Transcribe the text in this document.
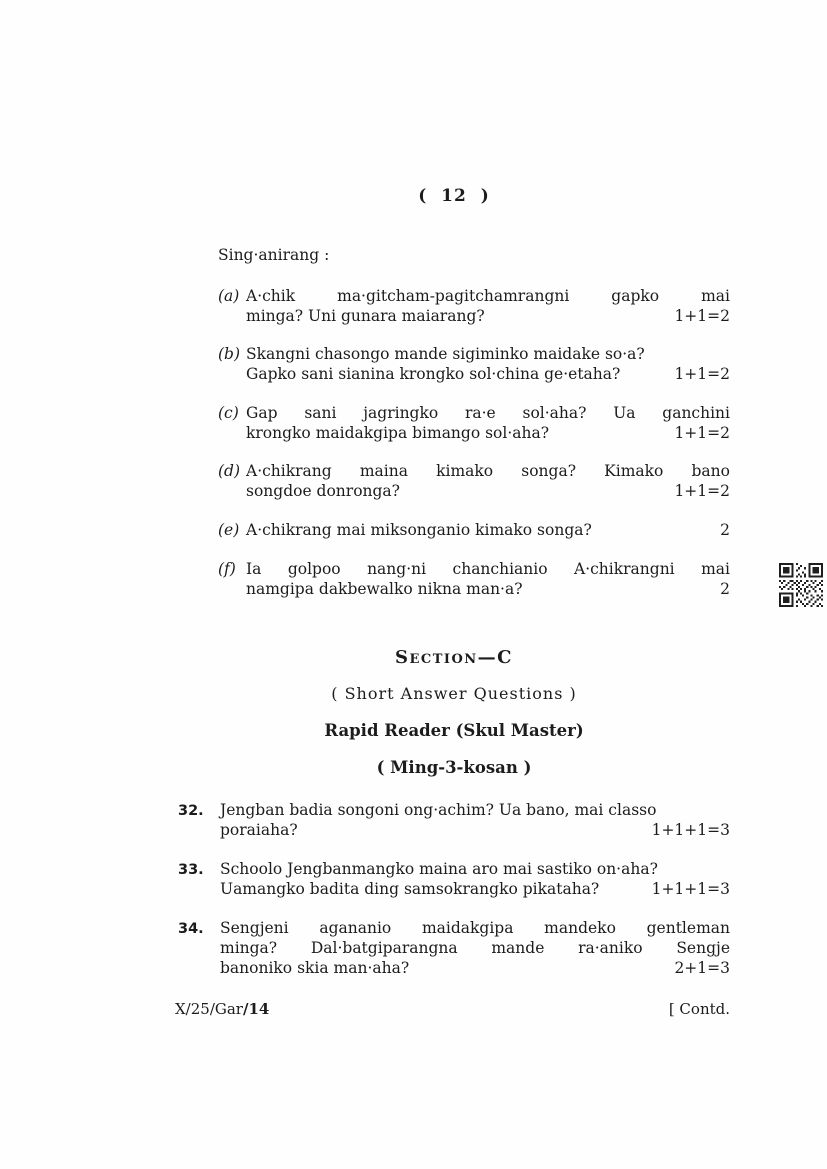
( 12 )
Sing·anirang :
(a) A·chik ma·gitcham-pagitchamrangni gapko mai
minga? Uni gunara maiarang?	1+1=2
(b) Skangni chasongo mande sigiminko maidake so·a?
Gapko sani sianina krongko sol·china ge·etaha?	1+1=2
(c) Gap sani jagringko ra·e sol·aha? Ua ganchini
krongko maidakgipa bimango sol·aha?	1+1=2
(d) A·chikrang maina kimako songa? Kimako bano
songdoe donronga?	1+1=2
(e) A·chikrang mai miksonganio kimako songa?	2
(f) Ia golpoo nang·ni chanchianio A·chikrangni mai
namgipa dakbewalko nikna man·a?	2
Section—C
( Short Answer Questions )
Rapid Reader (Skul Master)
( Ming-3-kosan )
32.	Jengban badia songoni ong·achim? Ua bano, mai classo
poraiaha?	1+1+1=3
33.	Schoolo Jengbanmangko maina aro mai sastiko on·aha?
Uamangko badita ding samsokrangko pikataha?	1+1+1=3
34.	Sengjeni agananio maidakgipa mandeko gentleman
minga? Dal·batgiparangna mande ra·aniko Sengje
banoniko skia man·aha?	2+1=3
X/25/Gar/14	[ Contd.
